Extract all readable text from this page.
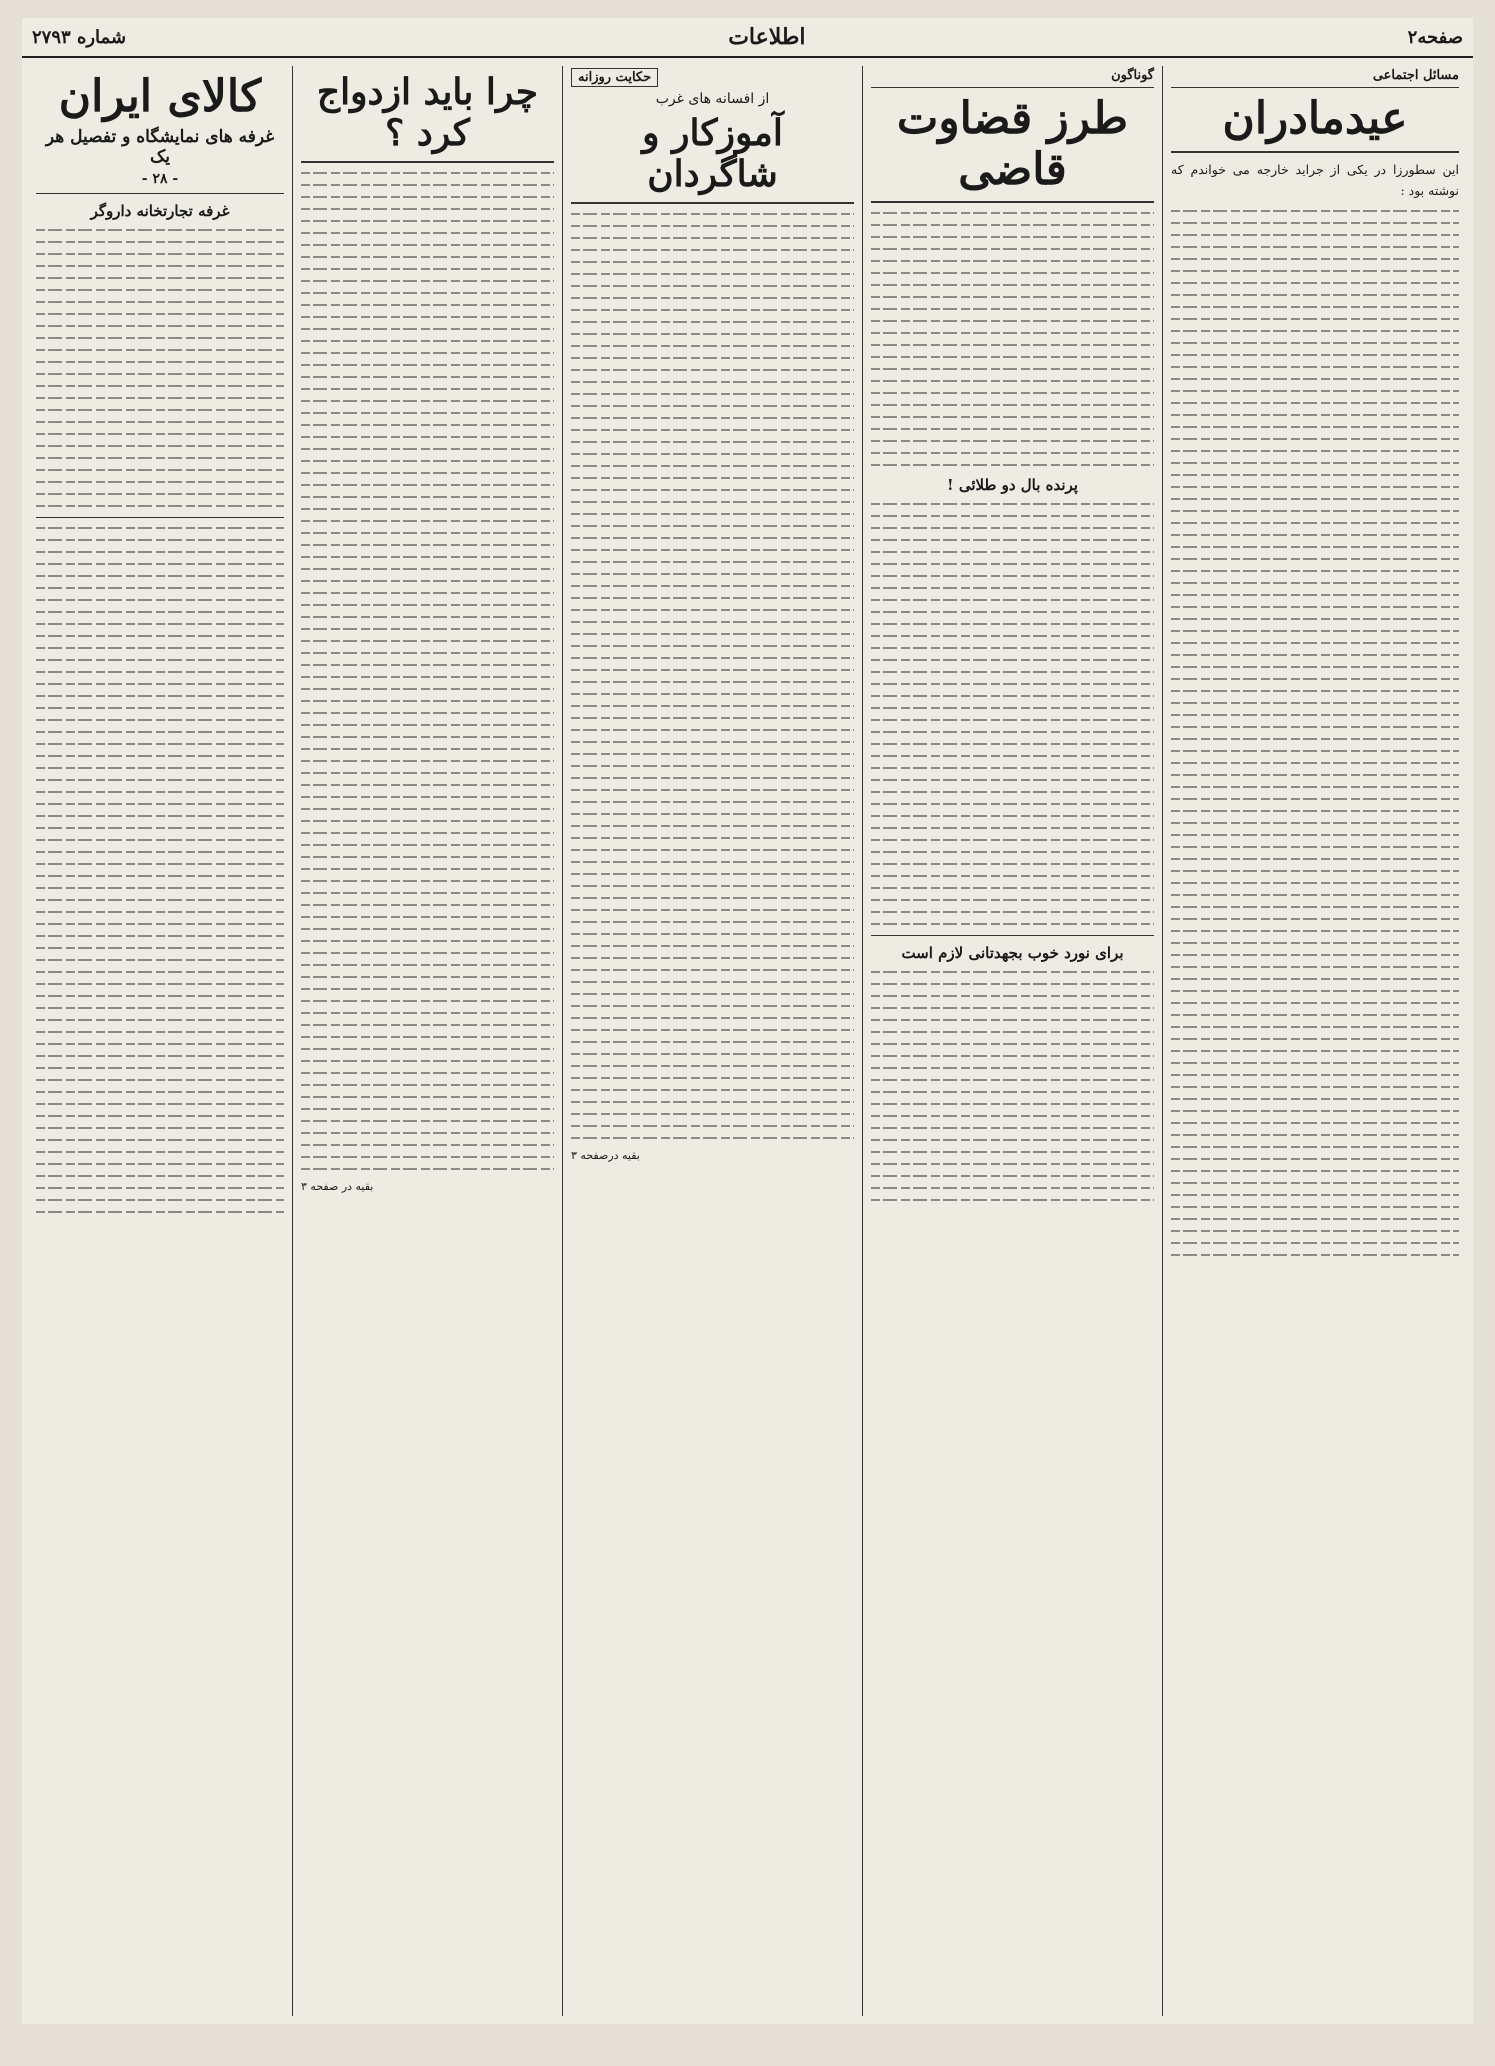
صفحه۲
اطلاعات
شماره ۲۷۹۳
مسائل اجتماعی
عیدمادران

این سطورزا در یکی از جراید خارجه می خواندم که نوشته بود :

گوناگون
طرز قضاوت قاضی
پرنده بال دو طلائی !
برای نورد خوب بجهدتانی لازم است
حکایت روزانه
از افسانه های غرب
آموزکار و شاگردان
بقیه درصفحه ۳
چرا باید ازدواج کرد ؟
بقیه در صفحه ۳
کالای ایران
غرفه های نمایشگاه و تفصیل هر یک
- ۲۸ -
غرفه تجارتخانه داروگر
